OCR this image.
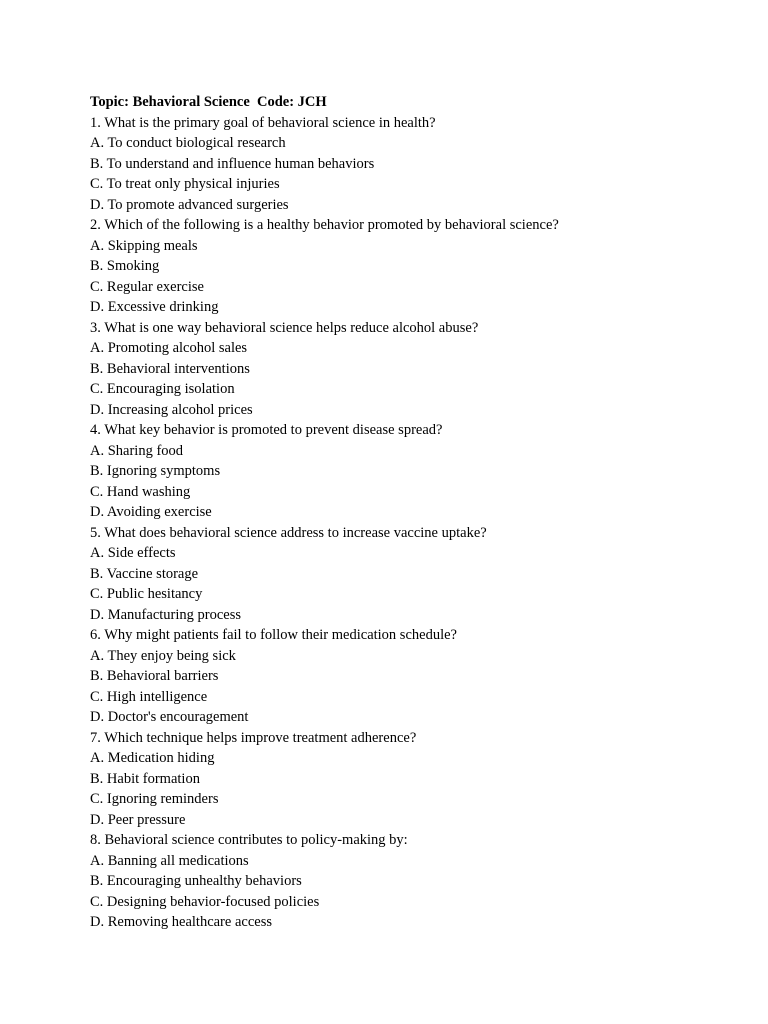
Topic: Behavioral Science  Code: JCH
1. What is the primary goal of behavioral science in health?
A. To conduct biological research
B. To understand and influence human behaviors
C. To treat only physical injuries
D. To promote advanced surgeries
2. Which of the following is a healthy behavior promoted by behavioral science?
A. Skipping meals
B. Smoking
C. Regular exercise
D. Excessive drinking
3. What is one way behavioral science helps reduce alcohol abuse?
A. Promoting alcohol sales
B. Behavioral interventions
C. Encouraging isolation
D. Increasing alcohol prices
4. What key behavior is promoted to prevent disease spread?
A. Sharing food
B. Ignoring symptoms
C. Hand washing
D. Avoiding exercise
5. What does behavioral science address to increase vaccine uptake?
A. Side effects
B. Vaccine storage
C. Public hesitancy
D. Manufacturing process
6. Why might patients fail to follow their medication schedule?
A. They enjoy being sick
B. Behavioral barriers
C. High intelligence
D. Doctor's encouragement
7. Which technique helps improve treatment adherence?
A. Medication hiding
B. Habit formation
C. Ignoring reminders
D. Peer pressure
8. Behavioral science contributes to policy-making by:
A. Banning all medications
B. Encouraging unhealthy behaviors
C. Designing behavior-focused policies
D. Removing healthcare access
